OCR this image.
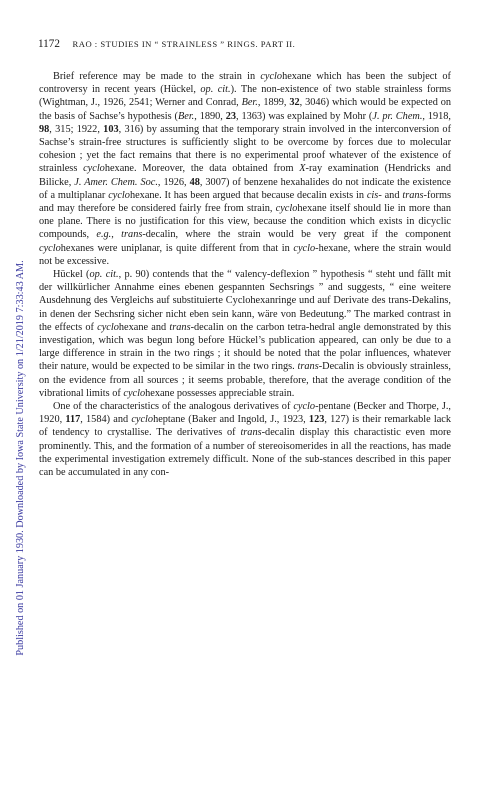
1172 RAO : STUDIES IN “ STRAINLESS ” RINGS. PART II.
Published on 01 January 1930. Downloaded by Iowa State University on 1/21/2019 7:33:43 AM.

Brief reference may be made to the strain in cyclohexane which has been the subject of controversy in recent years (Hückel, op. cit.). The non-existence of two stable strainless forms (Wightman, J., 1926, 2541; Werner and Conrad, Ber., 1899, 32, 3046) which would be expected on the basis of Sachse’s hypothesis (Ber., 1890, 23, 1363) was explained by Mohr (J. pr. Chem., 1918, 98, 315; 1922, 103, 316) by assuming that the temporary strain involved in the interconversion of Sachse’s strain-free structures is sufficiently slight to be overcome by forces due to molecular cohesion ; yet the fact remains that there is no experimental proof whatever of the existence of strainless cyclohexane. Moreover, the data obtained from X-ray examination (Hendricks and Bilicke, J. Amer. Chem. Soc., 1926, 48, 3007) of benzene hexahalides do not indicate the existence of a multiplanar cyclohexane. It has been argued that because decalin exists in cis- and trans-forms and may therefore be considered fairly free from strain, cyclohexane itself should lie in more than one plane. There is no justification for this view, because the condition which exists in dicyclic compounds, e.g., trans-decalin, where the strain would be very great if the component cyclohexanes were uniplanar, is quite different from that in cyclo-hexane, where the strain would not be excessive.

Hückel (op. cit., p. 90) contends that the “ valency-deflexion ” hypothesis “ steht und fällt mit der willkürlicher Annahme eines ebenen gespannten Sechsrings ” and suggests, “ eine weitere Ausdehnung des Vergleichs auf substituierte Cyclohexanringe und auf Derivate des trans-Dekalins, in denen der Sechsring sicher nicht eben sein kann, wäre von Bedeutung.” The marked contrast in the effects of cyclohexane and trans-decalin on the carbon tetra-hedral angle demonstrated by this investigation, which was begun long before Hückel’s publication appeared, can only be due to a large difference in strain in the two rings ; it should be noted that the polar influences, whatever their nature, would be expected to be similar in the two rings. trans-Decalin is obviously strainless, on the evidence from all sources ; it seems probable, therefore, that the average condition of the vibrational limits of cyclohexane possesses appreciable strain.

One of the characteristics of the analogous derivatives of cyclo-pentane (Becker and Thorpe, J., 1920, 117, 1584) and cycloheptane (Baker and Ingold, J., 1923, 123, 127) is their remarkable lack of tendency to crystallise. The derivatives of trans-decalin display this charactistic even more prominently. This, and the formation of a number of stereoisomerides in all the reactions, has made the experimental investigation extremely difficult. None of the sub-stances described in this paper can be accumulated in any con-
